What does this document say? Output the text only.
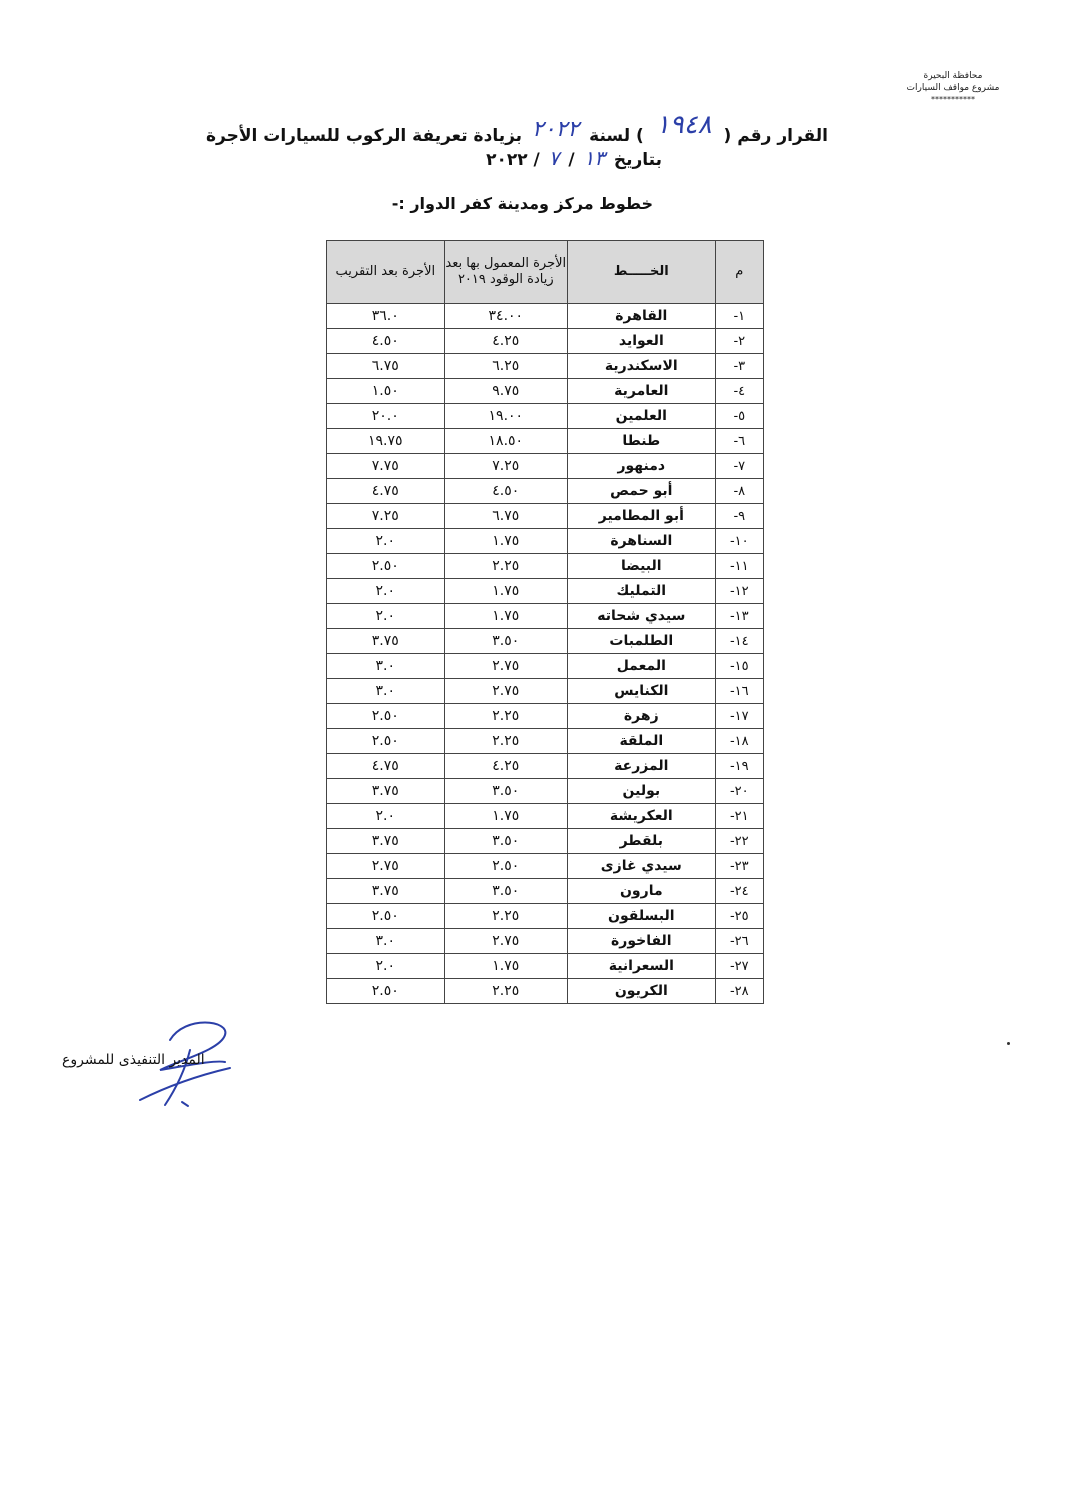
محافظة البحيرة
مشروع مواقف السيارات
***********
القرار رقم ( ١٩٤٨ ) لسنة ٢٠٢٢ بزيادة تعريفة الركوب للسيارات الأجرة
بتاريخ ١٣ / ٧ / ٢٠٢٢
خطوط مركز ومدينة كفر الدوار :-
م	الخـــــط	الأجرة المعمول بها بعد زيادة الوقود ٢٠١٩	الأجرة بعد التقريب
١-	القاهرة	٣٤.٠٠	٣٦.٠
٢-	العوايد	٤.٢٥	٤.٥٠
٣-	الاسكندرية	٦.٢٥	٦.٧٥
٤-	العامرية	٩.٧٥	١.٥٠
٥-	العلمين	١٩.٠٠	٢٠.٠
٦-	طنطا	١٨.٥٠	١٩.٧٥
٧-	دمنهور	٧.٢٥	٧.٧٥
٨-	أبو حمص	٤.٥٠	٤.٧٥
٩-	أبو المطامير	٦.٧٥	٧.٢٥
١٠-	السناهرة	١.٧٥	٢.٠
١١-	البيضا	٢.٢٥	٢.٥٠
١٢-	التمليك	١.٧٥	٢.٠
١٣-	سيدي شحاته	١.٧٥	٢.٠
١٤-	الطلمبات	٣.٥٠	٣.٧٥
١٥-	المعمل	٢.٧٥	٣.٠
١٦-	الكنايس	٢.٧٥	٣.٠
١٧-	زهرة	٢.٢٥	٢.٥٠
١٨-	الملقة	٢.٢٥	٢.٥٠
١٩-	المزرعة	٤.٢٥	٤.٧٥
٢٠-	بولين	٣.٥٠	٣.٧٥
٢١-	العكريشة	١.٧٥	٢.٠
٢٢-	بلقطر	٣.٥٠	٣.٧٥
٢٣-	سيدي غازى	٢.٥٠	٢.٧٥
٢٤-	مارون	٣.٥٠	٣.٧٥
٢٥-	البسلقون	٢.٢٥	٢.٥٠
٢٦-	الفاخورة	٢.٧٥	٣.٠
٢٧-	السعرانية	١.٧٥	٢.٠
٢٨-	الكريون	٢.٢٥	٢.٥٠
المدير التنفيذى للمشروع
